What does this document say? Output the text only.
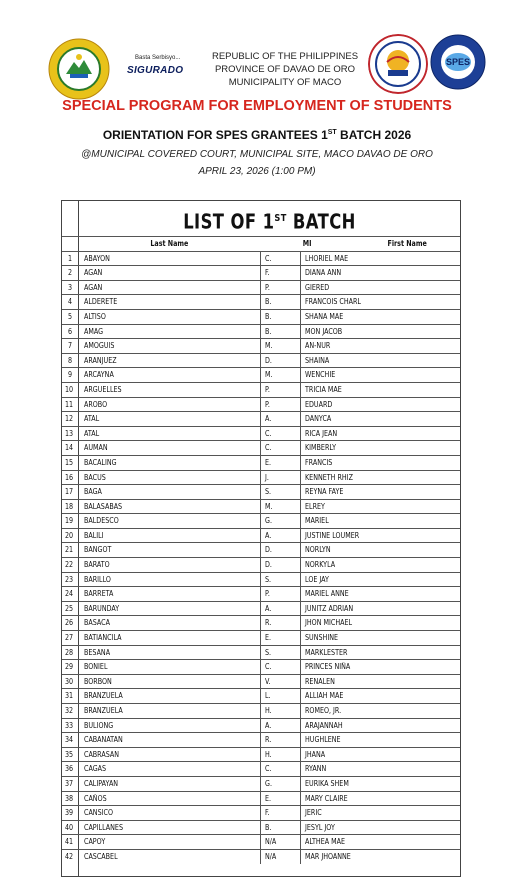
Basta Serbisyo...
SIGURADO
REPUBLIC OF THE PHILIPPINES
PROVINCE OF DAVAO DE ORO
MUNICIPALITY OF MACO
SPES
SPECIAL PROGRAM FOR EMPLOYMENT OF STUDENTS
ORIENTATION FOR SPES GRANTEES 1ST BATCH 2026
@MUNICIPAL COVERED COURT, MUNICIPAL SITE, MACO DAVAO DE ORO
APRIL 23, 2026 (1:00 PM)
LIST OF 1ST BATCH
Last Name	MI	First Name
1	ABAYON	C.	LHORIEL MAE
2	AGAN	F.	DIANA ANN
3	AGAN	P.	GIERED
4	ALDERETE	B.	FRANCOIS CHARL
5	ALTISO	B.	SHANA MAE
6	AMAG	B.	MON JACOB
7	AMOGUIS	M.	AN-NUR
8	ARANJUEZ	D.	SHAINA
9	ARCAYNA	M.	WENCHIE
10	ARGUELLES	P.	TRICIA MAE
11	AROBO	P.	EDUARD
12	ATAL	A.	DANYCA
13	ATAL	C.	RICA JEAN
14	AUMAN	C.	KIMBERLY
15	BACALING	E.	FRANCIS
16	BACUS	J.	KENNETH RHIZ
17	BAGA	S.	REYNA FAYE
18	BALASABAS	M.	ELREY
19	BALDESCO	G.	MARIEL
20	BALILI	A.	JUSTINE LOUMER
21	BANGOT	D.	NORLYN
22	BARATO	D.	NORKYLA
23	BARILLO	S.	LOE JAY
24	BARRETA	P.	MARIEL ANNE
25	BARUNDAY	A.	JUNITZ ADRIAN
26	BASACA	R.	JHON MICHAEL
27	BATIANCILA	E.	SUNSHINE
28	BESANA	S.	MARKLESTER
29	BONIEL	C.	PRINCES NIÑA
30	BORBON	V.	RENALEN
31	BRANZUELA	L.	ALLIAH MAE
32	BRANZUELA	H.	ROMEO, JR.
33	BULIONG	A.	ARAJANNAH
34	CABANATAN	R.	HUGHLENE
35	CABRASAN	H.	JHANA
36	CAGAS	C.	RYANN
37	CALIPAYAN	G.	EURIKA SHEM
38	CAÑOS	E.	MARY CLAIRE
39	CANSICO	F.	JERIC
40	CAPILLANES	B.	JESYL JOY
41	CAPOY	N/A	ALTHEA MAE
42	CASCABEL	N/A	MAR JHOANNE
